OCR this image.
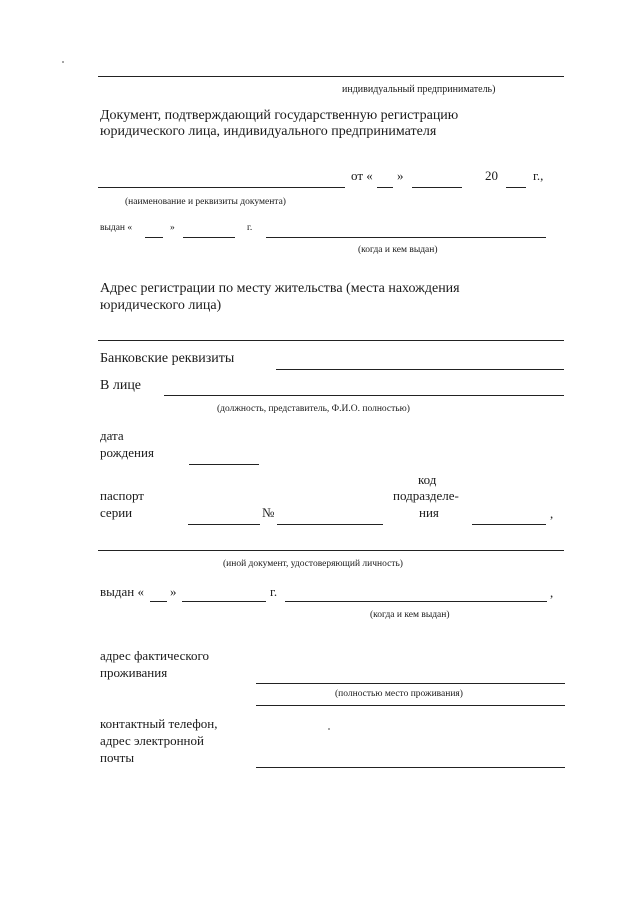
индивидуальный предприниматель)
Документ, подтверждающий государственную регистрацию
юридического лица, индивидуального предпринимателя
от « »	20	г.,
(наименование и реквизиты документа)
выдан «	»	г.
(когда и кем выдан)
Адрес регистрации по месту жительства (места нахождения
юридического лица)
Банковские реквизиты
В лице
(должность, представитель, Ф.И.О. полностью)
дата
рождения
паспорт
серии	№
код
подразделе-
ния	,
(иной документ, удостоверяющий личность)
выдан « »	г.	,
(когда и кем выдан)
адрес фактического
проживания
(полностью место проживания)
контактный телефон,
адрес электронной
почты
